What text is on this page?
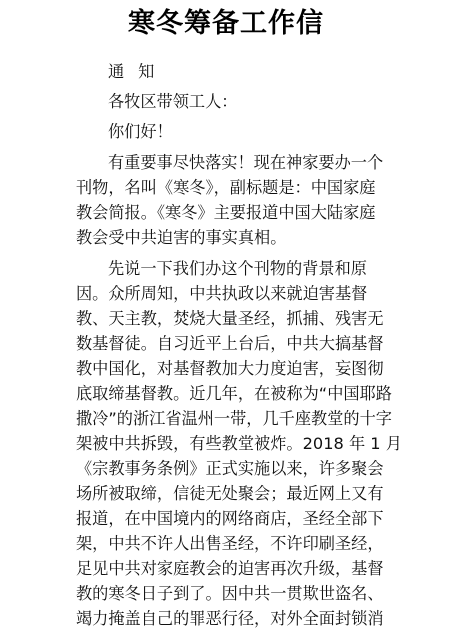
寒冬筹备工作信
通知
各牧区带领工人：
你们好！
有重要事尽快落实！现在神家要办一个
刊物，名叫《寒冬》，副标题是：中国家庭
教会简报。《寒冬》主要报道中国大陆家庭
教会受中共迫害的事实真相。
先说一下我们办这个刊物的背景和原
因。众所周知，中共执政以来就迫害基督
教、天主教，焚烧大量圣经，抓捕、残害无
数基督徒。自习近平上台后，中共大搞基督
教中国化，对基督教加大力度迫害，妄图彻
底取缔基督教。近几年，在被称为“中国耶路
撒冷”的浙江省温州一带，几千座教堂的十字
架被中共拆毁，有些教堂被炸。2018 年 1 月
《宗教事务条例》正式实施以来，许多聚会
场所被取缔，信徒无处聚会；最近网上又有
报道，在中国境内的网络商店，圣经全部下
架，中共不许人出售圣经，不许印刷圣经，
足见中共对家庭教会的迫害再次升级，基督
教的寒冬日子到了。因中共一贯欺世盗名、
竭力掩盖自己的罪恶行径，对外全面封锁消
